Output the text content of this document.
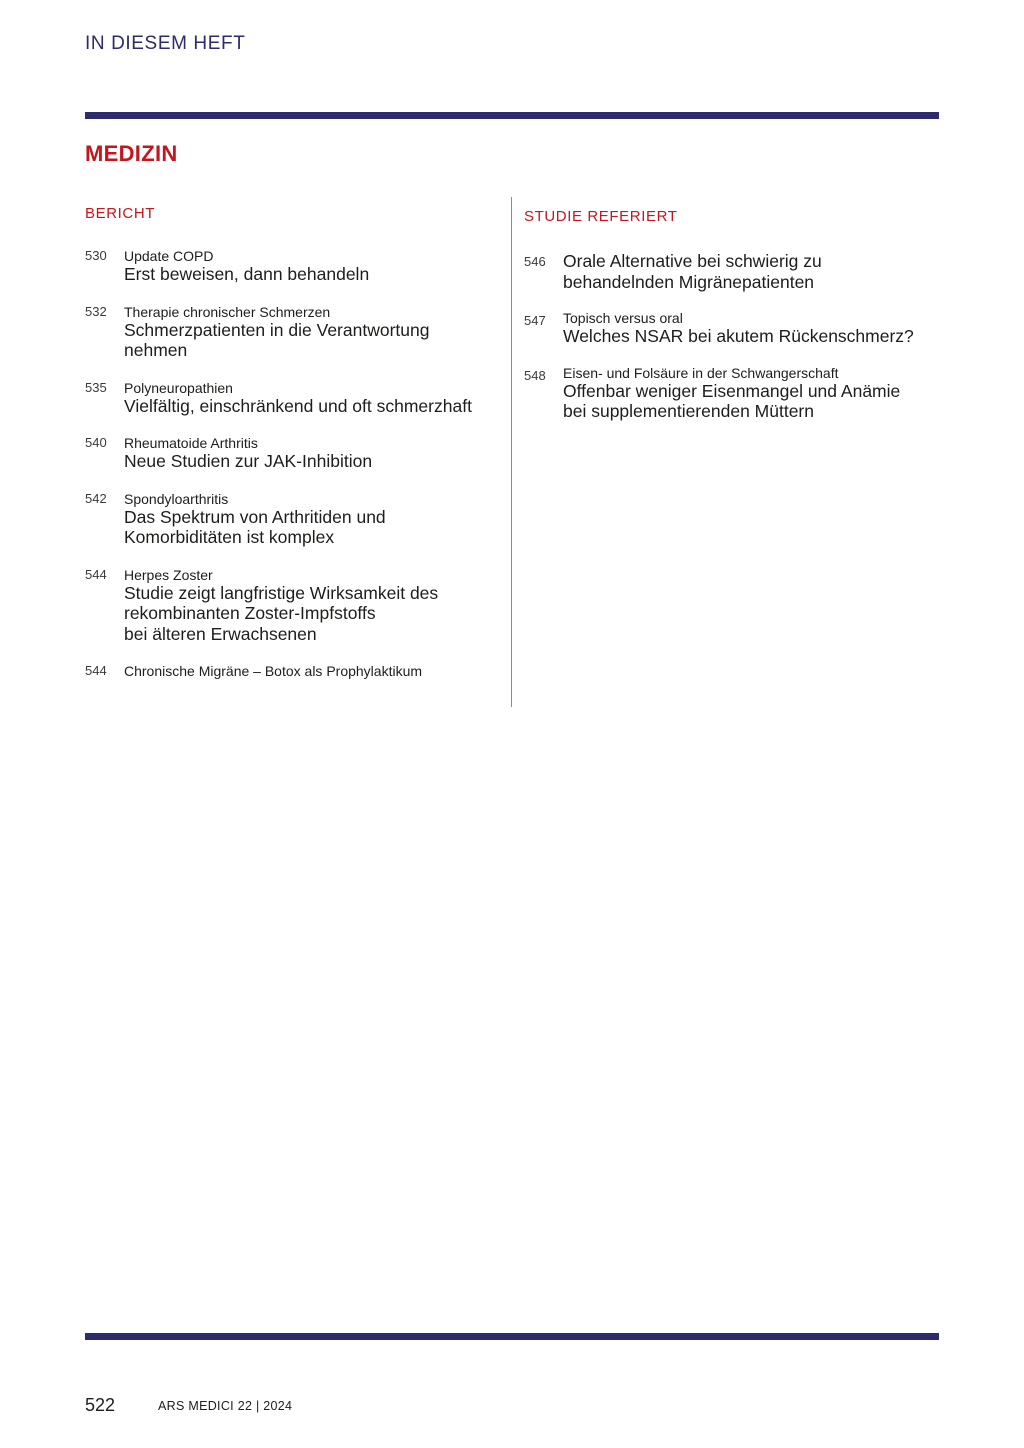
IN DIESEM HEFT
MEDIZIN
BERICHT
530	Update COPD
Erst beweisen, dann behandeln
532	Therapie chronischer Schmerzen
Schmerzpatienten in die Verantwortung
nehmen
535	Polyneuropathien
Vielfältig, einschränkend und oft schmerzhaft
540	Rheumatoide Arthritis
Neue Studien zur JAK-Inhibition
542	Spondyloarthritis
Das Spektrum von Arthritiden und
Komorbiditäten ist komplex
544	Herpes Zoster
Studie zeigt langfristige Wirksamkeit des
rekombinanten Zoster-Impfstoffs
bei älteren Erwachsenen
544	Chronische Migräne – Botox als Prophylaktikum
STUDIE REFERIERT
546 Orale Alternative bei schwierig zu
behandelnden Migränepatienten
547	Topisch versus oral
Welches NSAR bei akutem Rückenschmerz?
548	Eisen- und Folsäure in der Schwangerschaft
Offenbar weniger Eisenmangel und Anämie
bei supplementierenden Müttern
522	ARS MEDICI 22 | 2024
